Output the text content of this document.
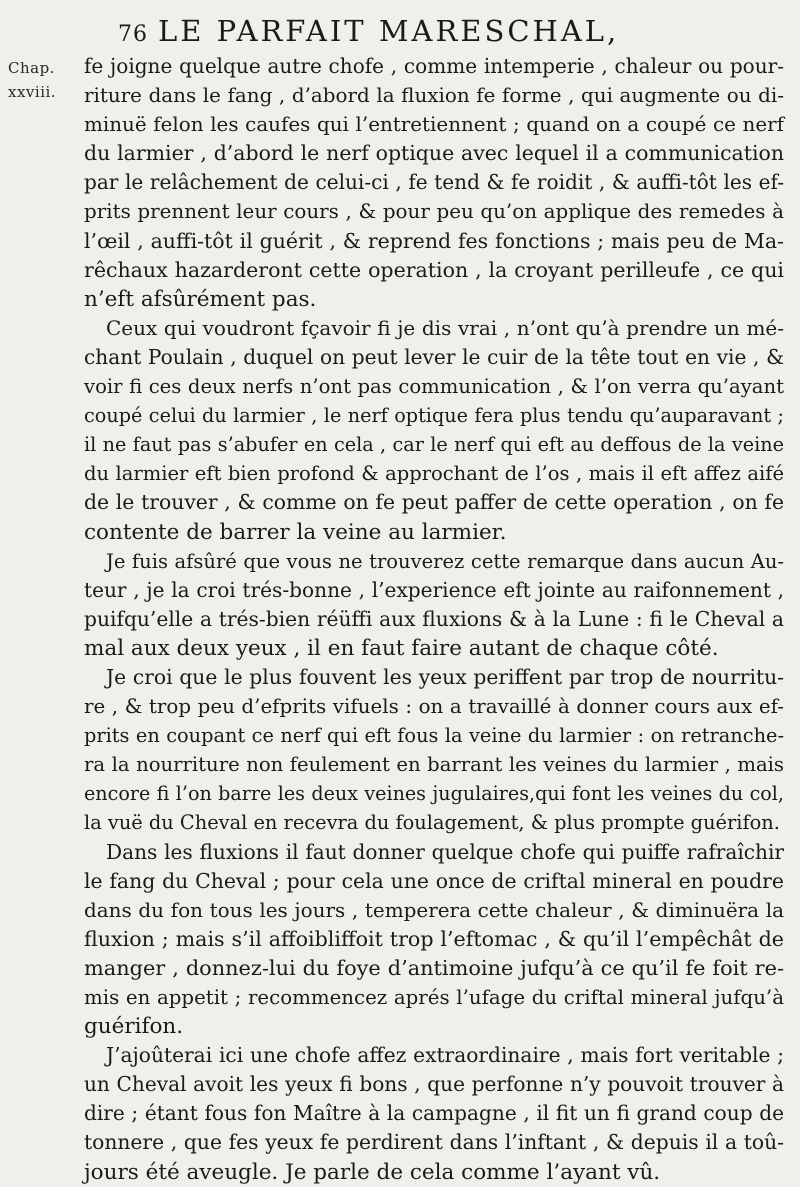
76 LE PARFAIT MARESCHAL,
Chap.
xxviii.
fe joigne quelque autre chofe , comme intemperie , chaleur ou pour-
riture dans le fang , d’abord la fluxion fe forme , qui augmente ou di-
minuë felon les caufes qui l’entretiennent ; quand on a coupé ce nerf
du larmier , d’abord le nerf optique avec lequel il a communication
par le relâchement de celui-ci , fe tend & fe roidit , & auffi-tôt les ef-
prits prennent leur cours , & pour peu qu’on applique des remedes à
l’œil , auffi-tôt il guérit , & reprend fes fonctions ; mais peu de Ma-
rêchaux hazarderont cette operation , la croyant perilleufe , ce qui
n’eft afsûrément pas.
Ceux qui voudront fçavoir fi je dis vrai , n’ont qu’à prendre un mé-
chant Poulain , duquel on peut lever le cuir de la tête tout en vie , &
voir fi ces deux nerfs n’ont pas communication , & l’on verra qu’ayant
coupé celui du larmier , le nerf optique fera plus tendu qu’auparavant ;
il ne faut pas s’abufer en cela , car le nerf qui eft au deffous de la veine
du larmier eft bien profond & approchant de l’os , mais il eft affez aifé
de le trouver , & comme on fe peut paffer de cette operation , on fe
contente de barrer la veine au larmier.
Je fuis afsûré que vous ne trouverez cette remarque dans aucun Au-
teur , je la croi trés-bonne , l’experience eft jointe au raifonnement ,
puifqu’elle a trés-bien réüffi aux fluxions & à la Lune : fi le Cheval a
mal aux deux yeux , il en faut faire autant de chaque côté.
Je croi que le plus fouvent les yeux periffent par trop de nourritu-
re , & trop peu d’efprits vifuels : on a travaillé à donner cours aux ef-
prits en coupant ce nerf qui eft fous la veine du larmier : on retranche-
ra la nourriture non feulement en barrant les veines du larmier , mais
encore fi l’on barre les deux veines jugulaires,qui font les veines du col,
la vuë du Cheval en recevra du foulagement, & plus prompte guérifon.
Dans les fluxions il faut donner quelque chofe qui puiffe rafraîchir
le fang du Cheval ; pour cela une once de criftal mineral en poudre
dans du fon tous les jours , temperera cette chaleur , & diminuëra la
fluxion ; mais s’il affoibliffoit trop l’eftomac , & qu’il l’empêchât de
manger , donnez-lui du foye d’antimoine jufqu’à ce qu’il fe foit re-
mis en appetit ; recommencez aprés l’ufage du criftal mineral jufqu’à
guérifon.
J’ajoûterai ici une chofe affez extraordinaire , mais fort veritable ;
un Cheval avoit les yeux fi bons , que perfonne n’y pouvoit trouver à
dire ; étant fous fon Maître à la campagne , il fit un fi grand coup de
tonnere , que fes yeux fe perdirent dans l’inftant , & depuis il a toû-
jours été aveugle. Je parle de cela comme l’ayant vû.
